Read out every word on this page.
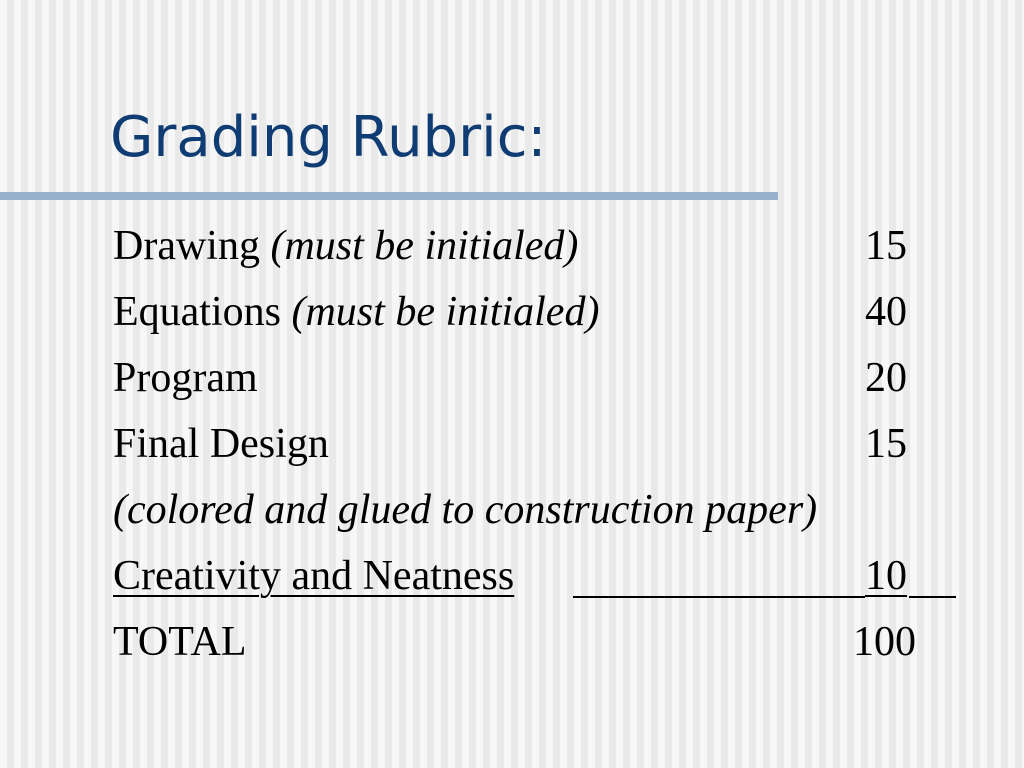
Grading Rubric:
Drawing (must be initialed)	15
Equations (must be initialed)	40
Program	20
Final Design	15
(colored and glued to construction paper)
Creativity and Neatness	10
TOTAL	100
